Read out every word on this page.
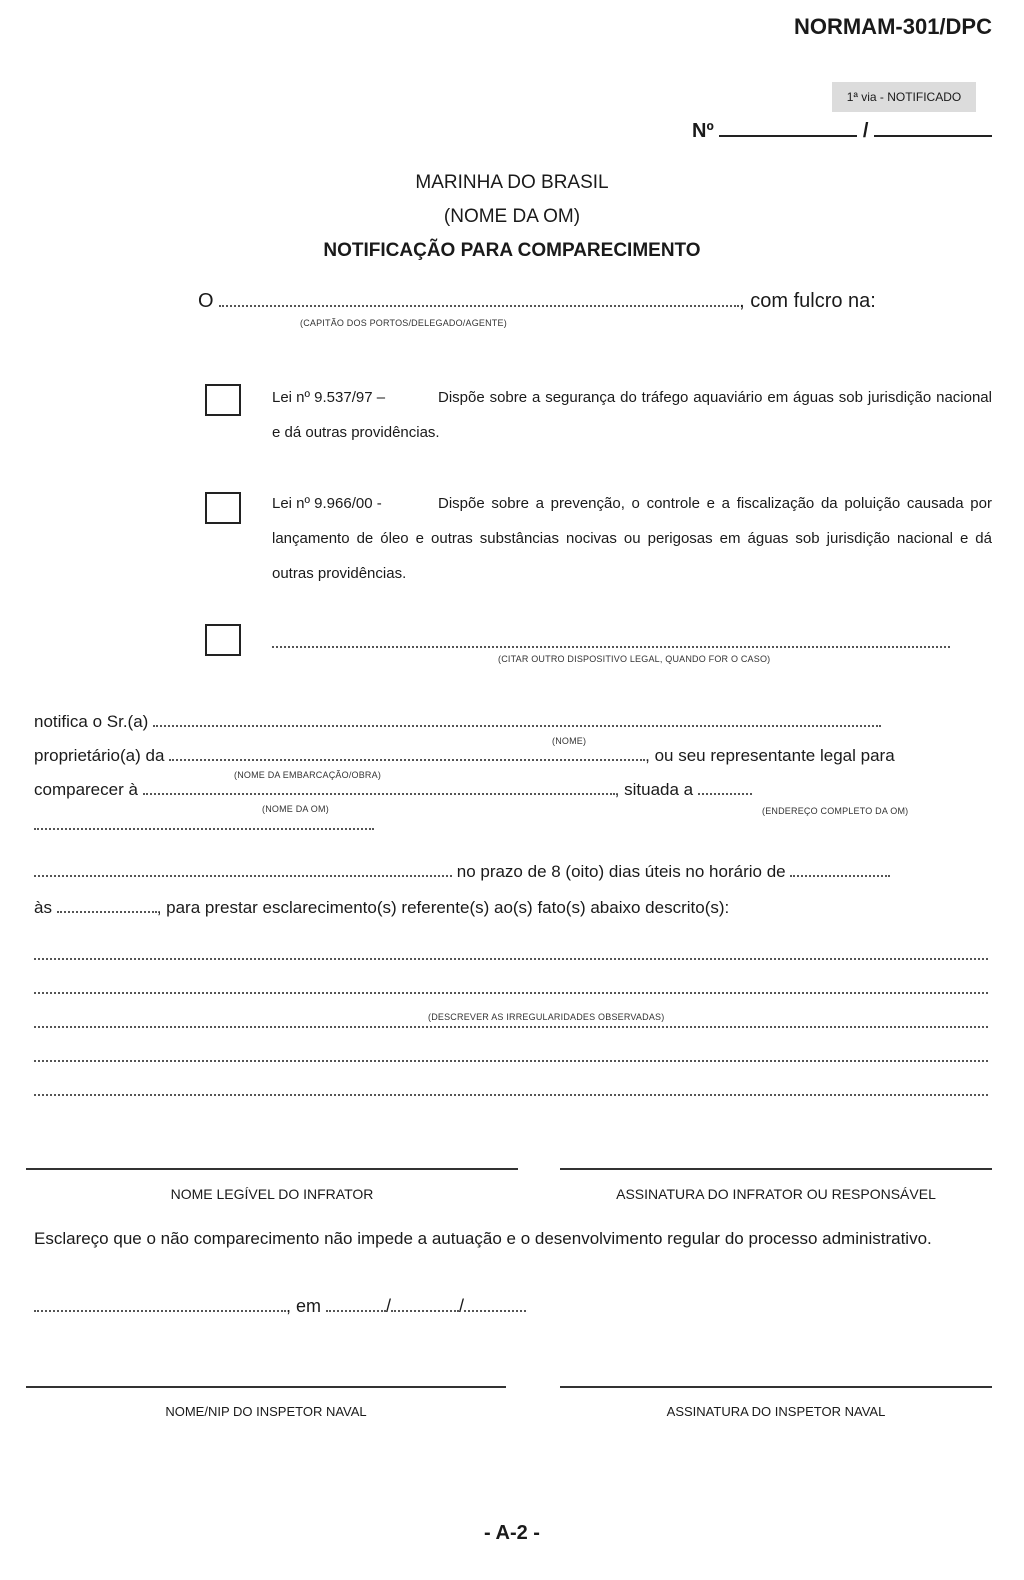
NORMAM-301/DPC
1ª via - NOTIFICADO
Nº	/
MARINHA DO BRASIL
(NOME DA OM)
NOTIFICAÇÃO PARA COMPARECIMENTO
O	, com fulcro na:
(CAPITÃO DOS PORTOS/DELEGADO/AGENTE)
Lei nº 9.537/97 –	Dispõe sobre a segurança do tráfego aquaviário em águas sob jurisdição nacional e dá outras providências.
Lei nº 9.966/00 -	Dispõe sobre a prevenção, o controle e a fiscalização da poluição causada por lançamento de óleo e outras substâncias nocivas ou perigosas em águas sob jurisdição nacional e dá outras providências.
(CITAR OUTRO DISPOSITIVO LEGAL, QUANDO FOR O CASO)
notifica o Sr.(a)
(NOME)
proprietário(a) da	, ou seu representante legal para
(NOME DA EMBARCAÇÃO/OBRA)
comparecer à	, situada a
(NOME DA OM)	(ENDEREÇO COMPLETO DA OM)
no prazo de 8 (oito) dias úteis no horário de
às	, para prestar esclarecimento(s) referente(s) ao(s) fato(s) abaixo descrito(s):
(DESCREVER AS IRREGULARIDADES OBSERVADAS)
NOME LEGÍVEL DO INFRATOR	ASSINATURA DO INFRATOR OU RESPONSÁVEL
Esclareço que o não comparecimento não impede a autuação e o desenvolvimento regular do processo administrativo.
, em	/	/
NOME/NIP DO INSPETOR NAVAL	ASSINATURA DO INSPETOR NAVAL
- A-2 -
